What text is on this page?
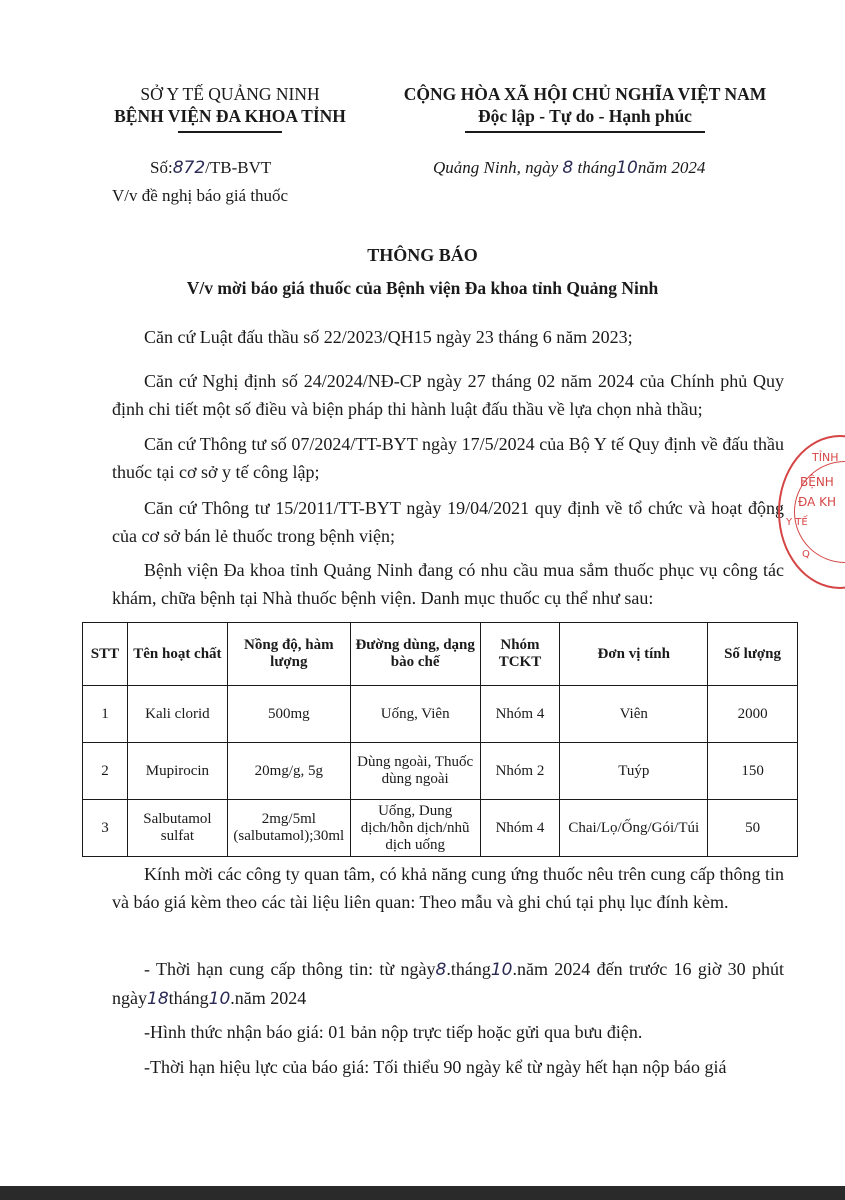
SỞ Y TẾ QUẢNG NINH
BỆNH VIỆN ĐA KHOA TỈNH
CỘNG HÒA XÃ HỘI CHỦ NGHĨA VIỆT NAM
Độc lập - Tự do - Hạnh phúc
Số:872/TB-BVT
V/v đề nghị báo giá thuốc
Quảng Ninh, ngày 8 tháng10năm 2024
THÔNG BÁO
V/v mời báo giá thuốc của Bệnh viện Đa khoa tỉnh Quảng Ninh

Căn cứ Luật đấu thầu số 22/2023/QH15 ngày 23 tháng 6 năm 2023;

Căn cứ Nghị định số 24/2024/NĐ-CP ngày 27 tháng 02 năm 2024 của Chính phủ Quy định chi tiết một số điều và biện pháp thi hành luật đấu thầu về lựa chọn nhà thầu;

Căn cứ Thông tư số 07/2024/TT-BYT ngày 17/5/2024 của Bộ Y tế Quy định về đấu thầu thuốc tại cơ sở y tế công lập;

Căn cứ Thông tư 15/2011/TT-BYT ngày 19/04/2021 quy định về tổ chức và hoạt động của cơ sở bán lẻ thuốc trong bệnh viện;

Bệnh viện Đa khoa tỉnh Quảng Ninh đang có nhu cầu mua sắm thuốc phục vụ công tác khám, chữa bệnh tại Nhà thuốc bệnh viện. Danh mục thuốc cụ thể như sau:

STT	Tên hoạt chất	Nồng độ, hàm lượng	Đường dùng, dạng bào chế	Nhóm TCKT	Đơn vị tính	Số lượng
1	Kali clorid	500mg	Uống, Viên	Nhóm 4	Viên	2000
2	Mupirocin	20mg/g, 5g	Dùng ngoài, Thuốc dùng ngoài	Nhóm 2	Tuýp	150
3	Salbutamol sulfat	2mg/5ml (salbutamol);30ml	Uống, Dung dịch/hỗn dịch/nhũ dịch uống	Nhóm 4	Chai/Lọ/Ống/Gói/Túi	50

Kính mời các công ty quan tâm, có khả năng cung ứng thuốc nêu trên cung cấp thông tin và báo giá kèm theo các tài liệu liên quan: Theo mẫu và ghi chú tại phụ lục đính kèm.

- Thời hạn cung cấp thông tin: từ ngày8.tháng10.năm 2024 đến trước 16 giờ 30 phút ngày18tháng10.năm 2024

-Hình thức nhận báo giá: 01 bản nộp trực tiếp hoặc gửi qua bưu điện.

-Thời hạn hiệu lực của báo giá: Tối thiểu 90 ngày kể từ ngày hết hạn nộp báo giá

TỈNH
BỆNH
ĐA KH
Y TẾ
Q
